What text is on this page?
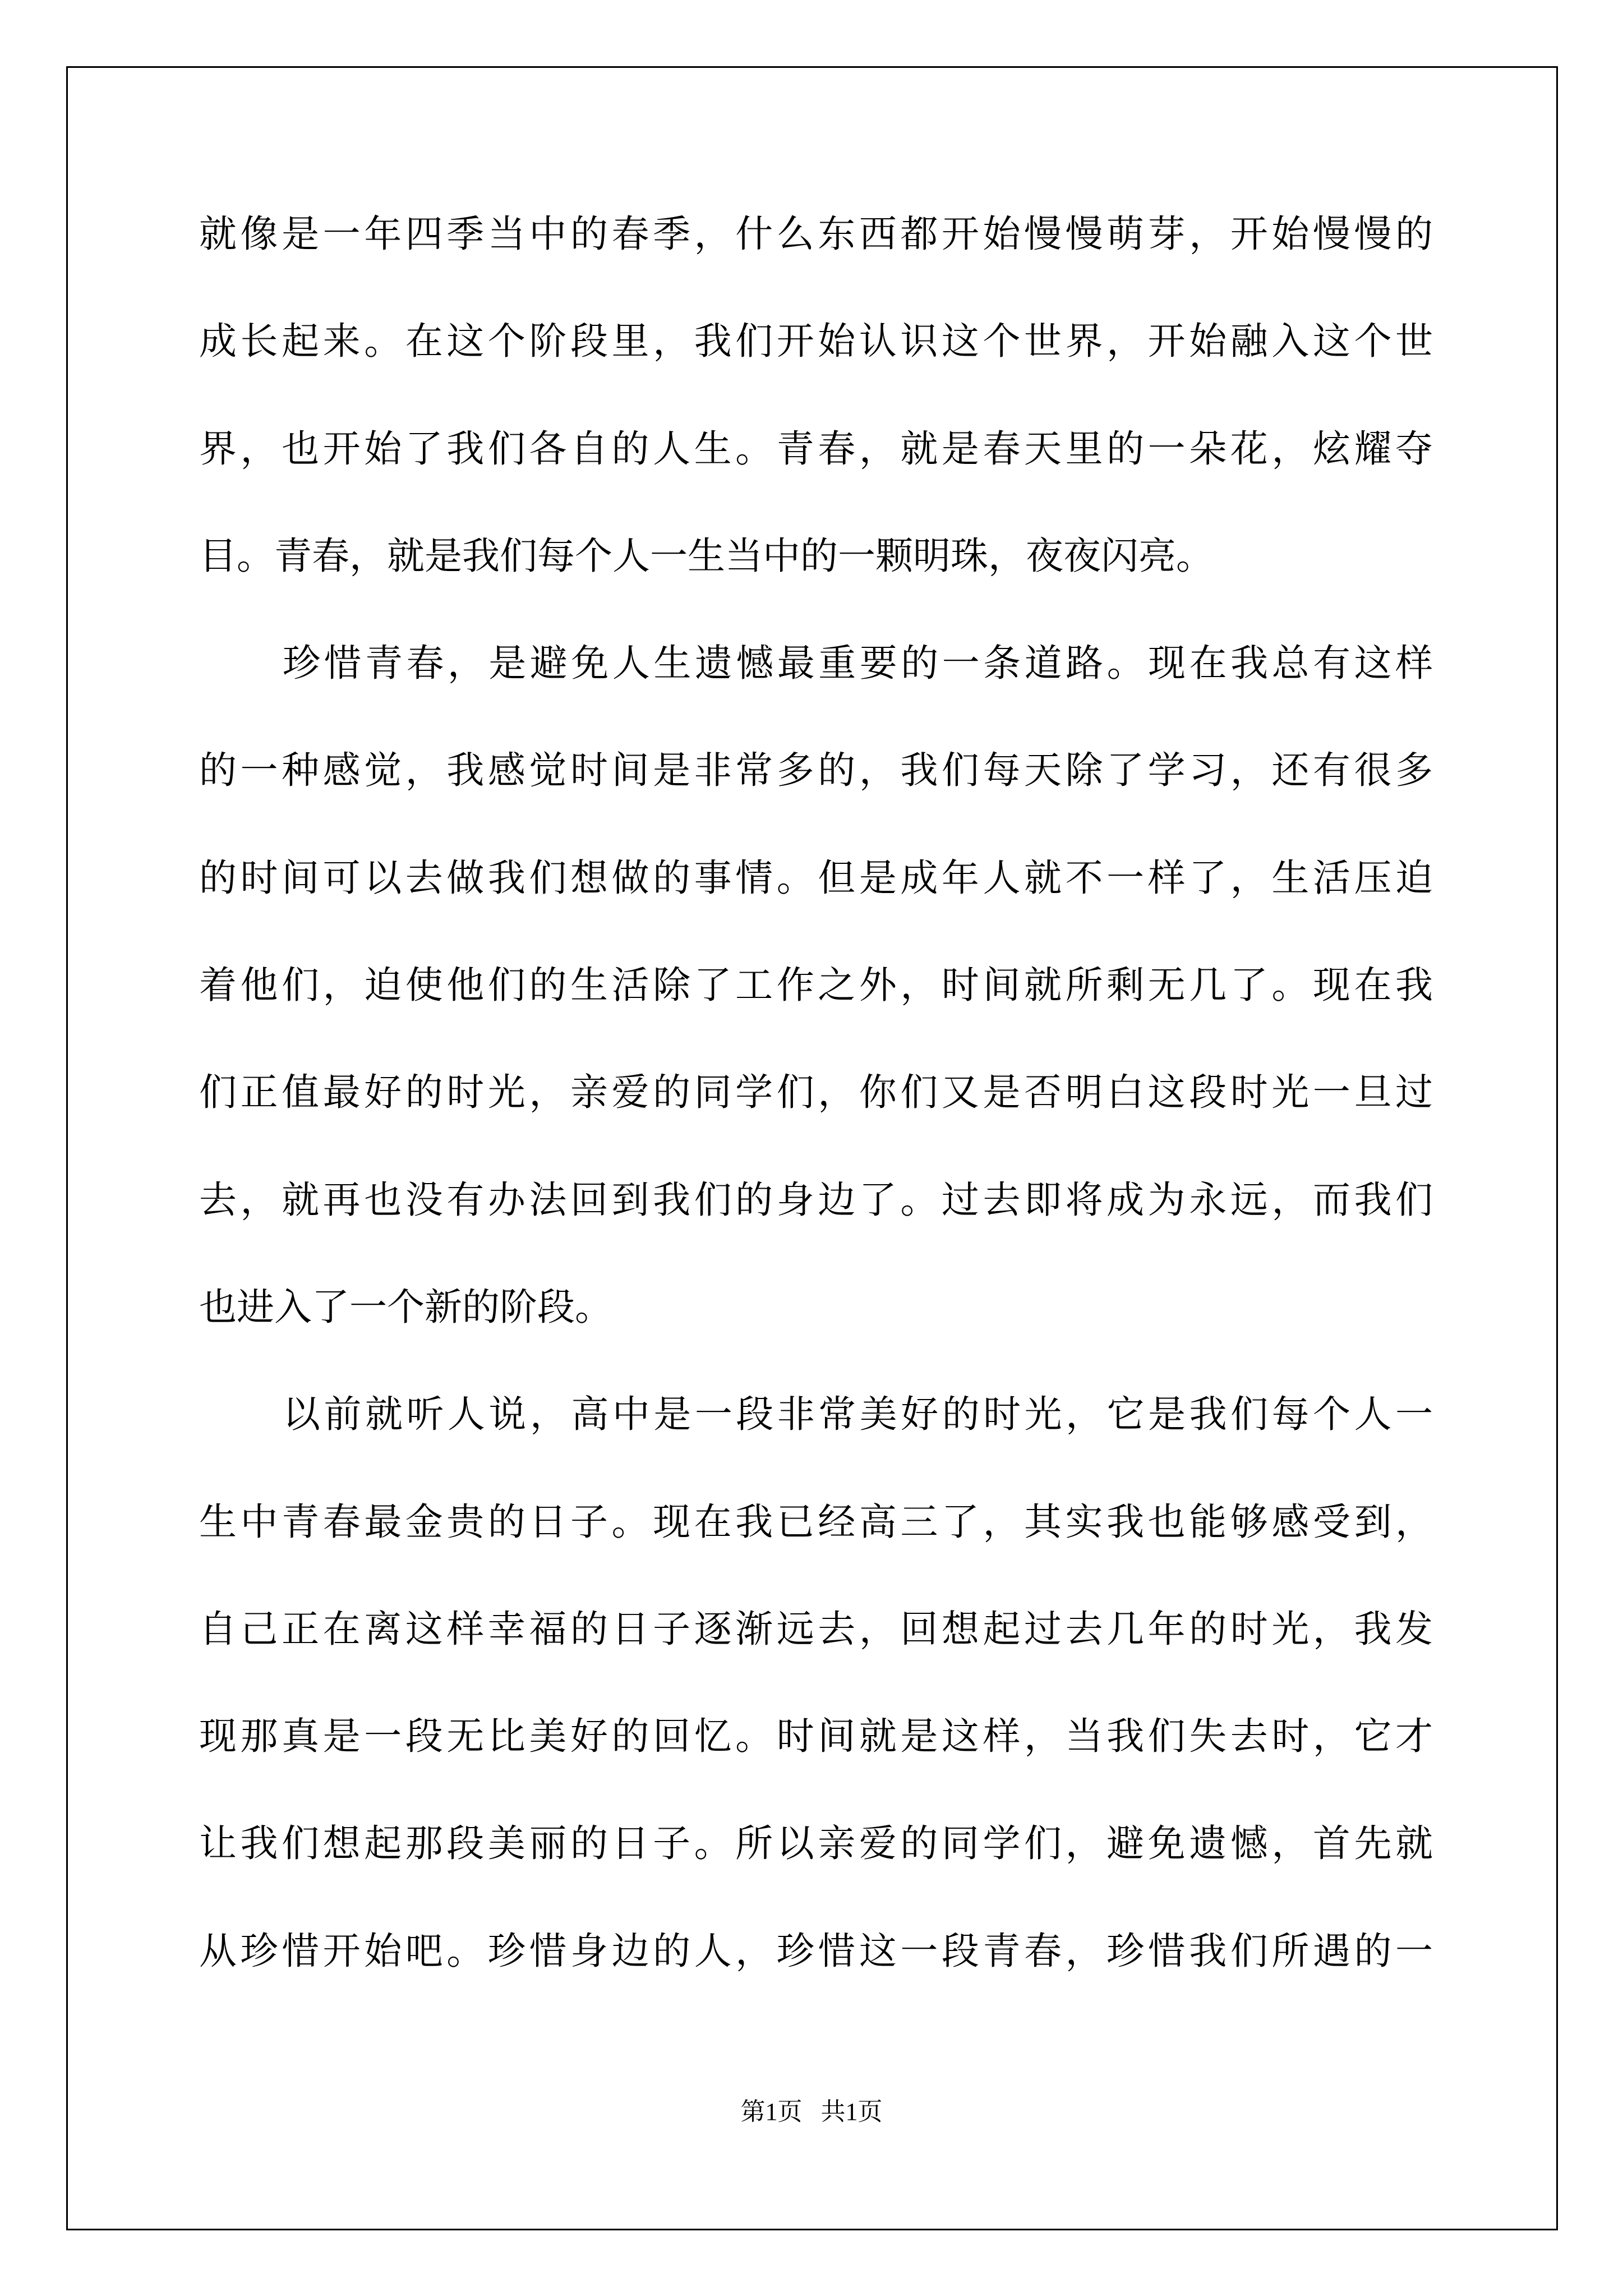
就像是一年四季当中的春季，什么东西都开始慢慢萌芽，开始慢慢的
成长起来。在这个阶段里，我们开始认识这个世界，开始融入这个世
界，也开始了我们各自的人生。青春，就是春天里的一朵花，炫耀夺
目。青春，就是我们每个人一生当中的一颗明珠，夜夜闪亮。
珍惜青春，是避免人生遗憾最重要的一条道路。现在我总有这样
的一种感觉，我感觉时间是非常多的，我们每天除了学习，还有很多
的时间可以去做我们想做的事情。但是成年人就不一样了，生活压迫
着他们，迫使他们的生活除了工作之外，时间就所剩无几了。现在我
们正值最好的时光，亲爱的同学们，你们又是否明白这段时光一旦过
去，就再也没有办法回到我们的身边了。过去即将成为永远，而我们
也进入了一个新的阶段。
以前就听人说，高中是一段非常美好的时光，它是我们每个人一
生中青春最金贵的日子。现在我已经高三了，其实我也能够感受到，
自己正在离这样幸福的日子逐渐远去，回想起过去几年的时光，我发
现那真是一段无比美好的回忆。时间就是这样，当我们失去时，它才
让我们想起那段美丽的日子。所以亲爱的同学们，避免遗憾，首先就
从珍惜开始吧。珍惜身边的人，珍惜这一段青春，珍惜我们所遇的一
第1页 共1页
